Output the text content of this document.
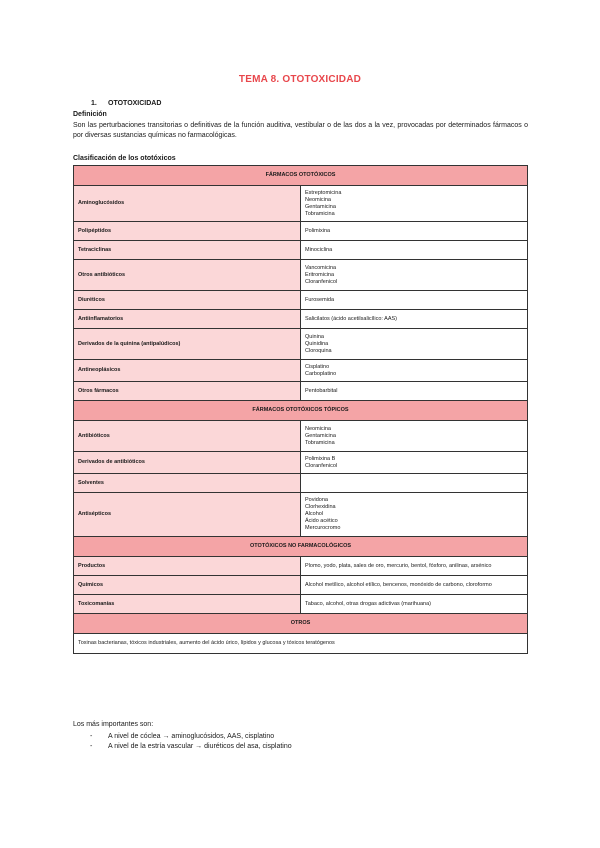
TEMA 8. OTOTOXICIDAD
1. OTOTOXICIDAD
Definición
Son las perturbaciones transitorias o definitivas de la función auditiva, vestibular o de las dos a la vez, provocadas por determinados fármacos o por diversas sustancias químicas no farmacológicas.
Clasificación de los ototóxicos
FÁRMACOS OTOTÓXICOS	
Aminoglucósidos	Estreptomicina
Neomicina
Gentamicina
Tobramicina

Polipéptidos	Polimixina

Tetraciclinas	Minociclina

Otros antibióticos	Vancomicina
Eritromicina
Cloranfenicol

Diuréticos	Furosemida

Antiinflamatorios	Salicilatos (ácido acetilsalicílico: AAS)

Derivados de la quinina (antipalúdicos)	Quinina
Quinidina
Cloroquina

Antineoplásicos	Cisplatino
Carboplatino

Otros fármacos	Pentobarbital

FÁRMACOS OTOTÓXICOS TÓPICOS	
Antibióticos	Neomicina
Gentamicina
Tobramicina

Derivados de antibióticos	Polimixina B
Cloranfenicol

Solventes	
Antisépticos	Povidona
Clorhexidina
Alcohol
Ácido acético
Mercurocromo

OTOTÓXICOS NO FARMACOLÓGICOS	
Productos	Plomo, yodo, plata, sales de oro, mercurio, bentol, fósforo, anilinas, arsénico

Químicos	Alcohol metílico, alcohol etílico, bencenos, monóxido de carbono, cloroformo

Toxicomanías	Tabaco, alcohol, otras drogas adictivas (marihuana)

OTROS	
Toxinas bacterianas, tóxicos industriales, aumento del ácido úrico, lípidos y glucosa y tóxicos teratógenos	
Los más importantes son:
- A nivel de cóclea → aminoglucósidos, AAS, cisplatino
- A nivel de la estría vascular → diuréticos del asa, cisplatino
